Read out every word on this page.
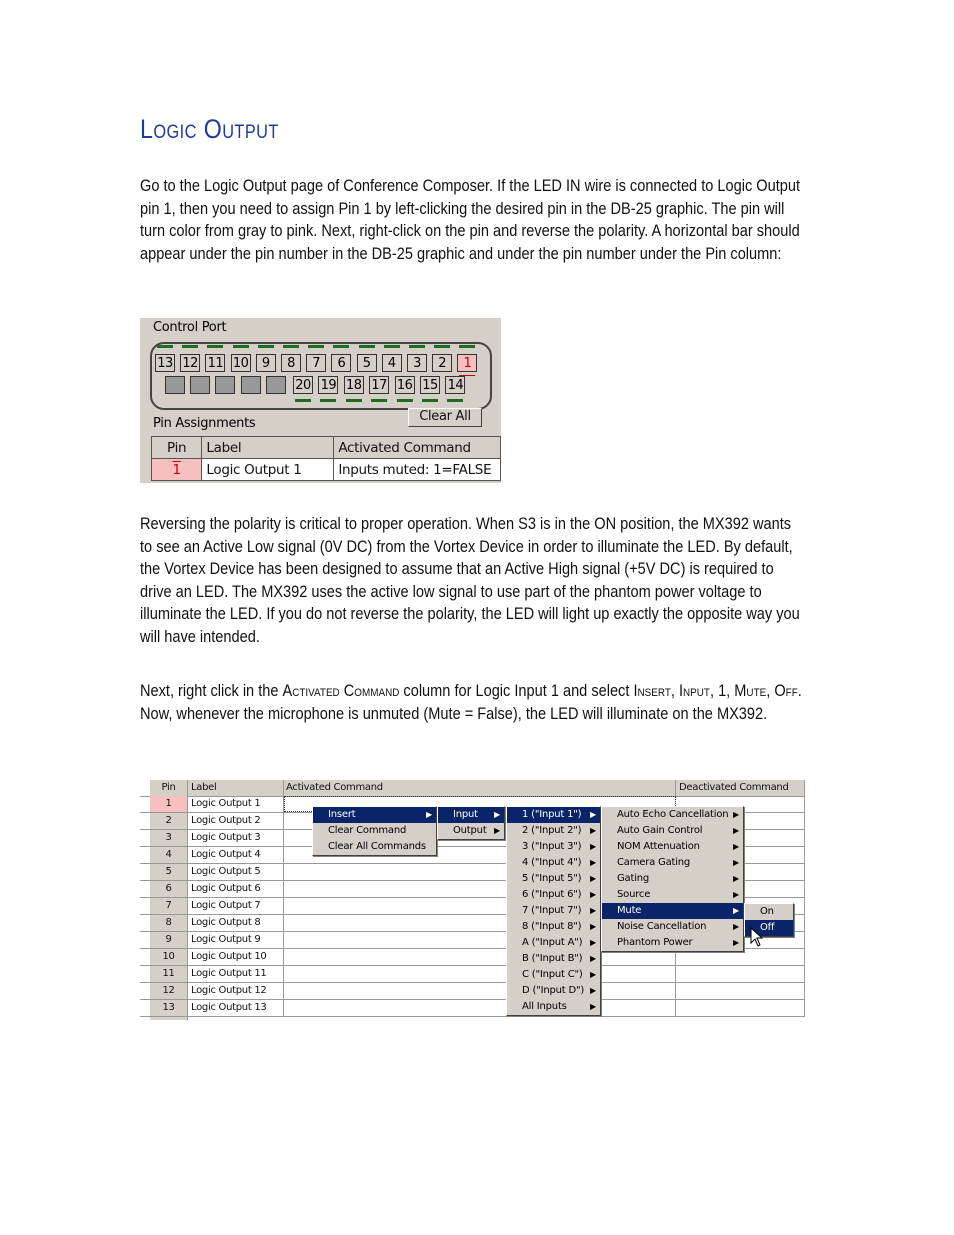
Logic Output
Go to the Logic Output page of Conference Composer. If the LED IN wire is connected to Logic Output pin 1, then you need to assign Pin 1 by left-clicking the desired pin in the DB-25 graphic. The pin will turn color from gray to pink. Next, right-click on the pin and reverse the polarity. A horizontal bar should appear under the pin number in the DB-25 graphic and under the pin number under the Pin column:
Control Port
13 12 11 10	9	8	7	6	5	4	3	2	1
20 19 18 17 16 15 14
Pin Assignments	Clear All
Pin	Label	Activated Command
1	Logic Output 1	Inputs muted: 1=FALSE
Reversing the polarity is critical to proper operation. When S3 is in the ON position, the MX392 wants to see an Active Low signal (0V DC) from the Vortex Device in order to illuminate the LED. By default, the Vortex Device has been designed to assume that an Active High signal (+5V DC) is required to drive an LED. The MX392 uses the active low signal to use part of the phantom power voltage to illuminate the LED. If you do not reverse the polarity, the LED will light up exactly the opposite way you will have intended.
Next, right click in the Activated Command column for Logic Input 1 and select Insert, Input, 1, Mute, Off. Now, whenever the microphone is unmuted (Mute = False), the LED will illuminate on the MX392.
Pin	Label	Activated Command	Deactivated Command
1	Logic Output 1
2	Logic Output 2
3	Logic Output 3
4	Logic Output 4
5	Logic Output 5
6	Logic Output 6
7	Logic Output 7
8	Logic Output 8
9	Logic Output 9
10	Logic Output 10
11	Logic Output 11
12	Logic Output 12
13	Logic Output 13
Insert	▶
Clear Command
Clear All Commands
Input ▶
Output ▶
1 ("Input 1") ▶
2 ("Input 2") ▶
3 ("Input 3") ▶
4 ("Input 4") ▶
5 ("Input 5") ▶
6 ("Input 6") ▶
7 ("Input 7") ▶
8 ("Input 8") ▶
A ("Input A") ▶
B ("Input B") ▶
C ("Input C") ▶
D ("Input D") ▶
All Inputs	▶
Auto Echo Cancellation ▶
Auto Gain Control	▶
NOM Attenuation	▶
Camera Gating	▶
Gating	▶
Source	▶
Mute	▶
Noise Cancellation	▶
Phantom Power	▶
On
Off
